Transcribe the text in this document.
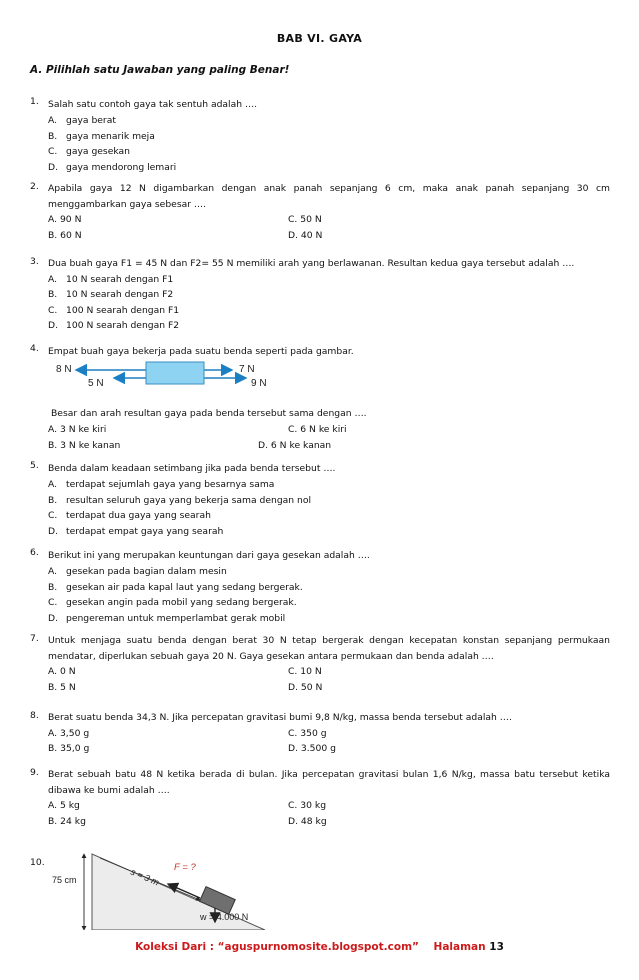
BAB VI. GAYA
A. Pilihlah satu Jawaban yang paling Benar!
1. Salah satu contoh gaya tak sentuh adalah ….
A. gaya berat
B. gaya menarik meja
C. gaya gesekan
D. gaya mendorong lemari
2. Apabila gaya 12 N digambarkan dengan anak panah sepanjang 6 cm, maka anak panah sepanjang 30 cm menggambarkan gaya sebesar ….
A. 90 N	C. 50 N
B. 60 N	D. 40 N
3. Dua buah gaya F1 = 45 N dan F2= 55 N memiliki arah yang berlawanan. Resultan kedua gaya tersebut adalah ….
A. 10 N searah dengan F1
B. 10 N searah dengan F2
C. 100 N searah dengan F1
D. 100 N searah dengan F2
4. Empat buah gaya bekerja pada suatu benda seperti pada gambar.
8 N
5 N
7 N
9 N
Besar dan arah resultan gaya pada benda tersebut sama dengan ….
A. 3 N ke kiri	C. 6 N ke kiri
B. 3 N ke kanan	D. 6 N ke kanan
5. Benda dalam keadaan setimbang jika pada benda tersebut ….
A. terdapat sejumlah gaya yang besarnya sama
B. resultan seluruh gaya yang bekerja sama dengan nol
C. terdapat dua gaya yang searah
D. terdapat empat gaya yang searah
6. Berikut ini yang merupakan keuntungan dari gaya gesekan adalah ….
A. gesekan pada bagian dalam mesin
B. gesekan air pada kapal laut yang sedang bergerak.
C. gesekan angin pada mobil yang sedang bergerak.
D. pengereman untuk memperlambat gerak mobil
7. Untuk menjaga suatu benda dengan berat 30 N tetap bergerak dengan kecepatan konstan sepanjang permukaan mendatar, diperlukan sebuah gaya 20 N. Gaya gesekan antara permukaan dan benda adalah ….
A. 0 N	C. 10 N
B. 5 N	D. 50 N
8. Berat suatu benda 34,3 N. Jika percepatan gravitasi bumi 9,8 N/kg, massa benda tersebut adalah ….
A. 3,50 g	C. 350 g
B. 35,0 g	D. 3.500 g
9. Berat sebuah batu 48 N ketika berada di bulan. Jika percepatan gravitasi bulan 1,6 N/kg, massa batu tersebut ketika dibawa ke bumi adalah ….
A. 5 kg	C. 30 kg
B. 24 kg	D. 48 kg
10.
75 cm	s = 3 m F = ?
w = 4.000 N
Koleksi Dari : “aguspurnomosite.blogspot.com” Halaman 13
